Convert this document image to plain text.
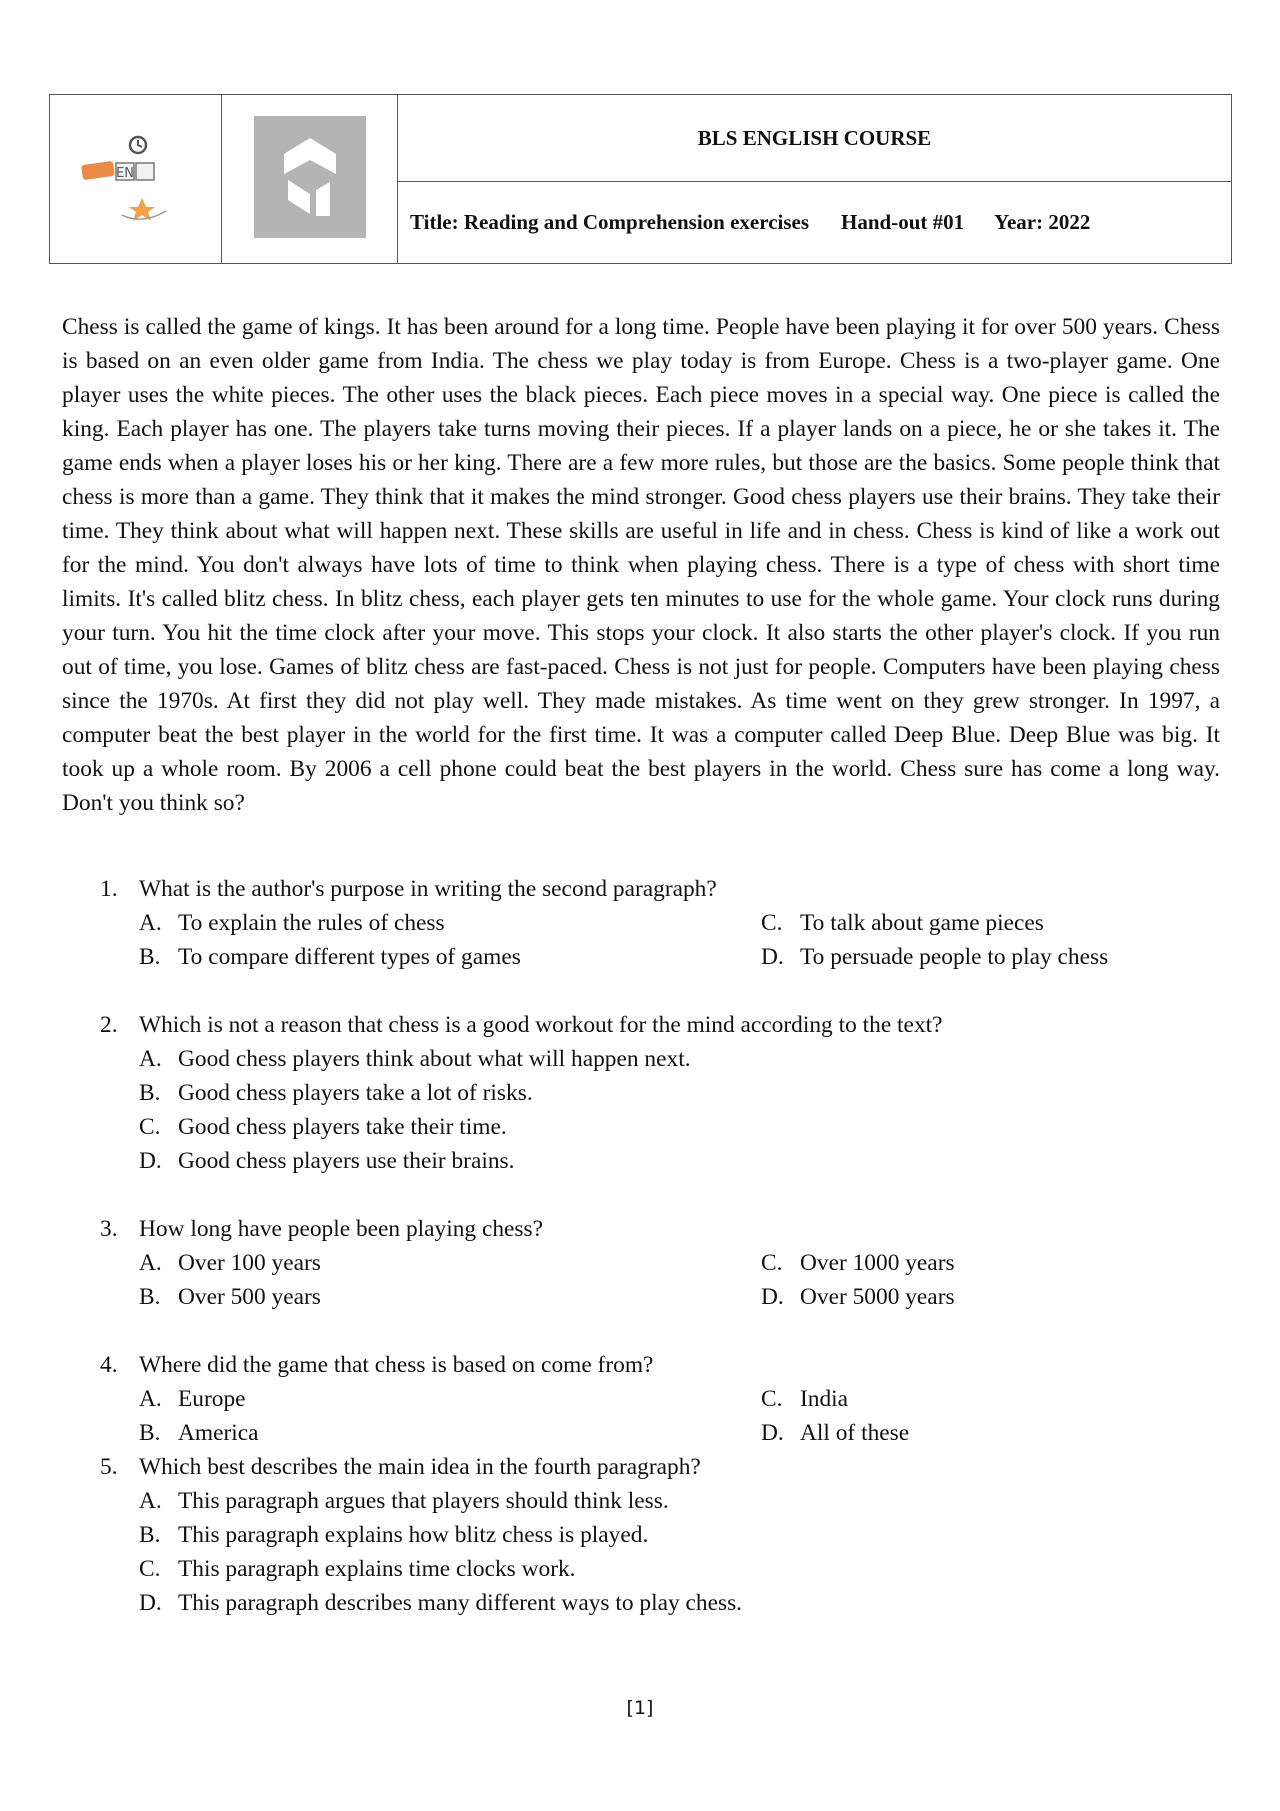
EN
		BLS ENGLISH COURSE
Title: Reading and Comprehension exercises Hand-out #01 Year: 2022

Chess is called the game of kings. It has been around for a long time. People have been playing it for over 500 years. Chess is based on an even older game from India. The chess we play today is from Europe. Chess is a two-player game. One player uses the white pieces. The other uses the black pieces. Each piece moves in a special way. One piece is called the king. Each player has one. The players take turns moving their pieces. If a player lands on a piece, he or she takes it. The game ends when a player loses his or her king. There are a few more rules, but those are the basics. Some people think that chess is more than a game. They think that it makes the mind stronger. Good chess players use their brains. They take their time. They think about what will happen next. These skills are useful in life and in chess. Chess is kind of like a work out for the mind. You don't always have lots of time to think when playing chess. There is a type of chess with short time limits. It's called blitz chess. In blitz chess, each player gets ten minutes to use for the whole game. Your clock runs during your turn. You hit the time clock after your move. This stops your clock. It also starts the other player's clock. If you run out of time, you lose. Games of blitz chess are fast-paced. Chess is not just for people. Computers have been playing chess since the 1970s. At first they did not play well. They made mistakes. As time went on they grew stronger. In 1997, a computer beat the best player in the world for the first time. It was a computer called Deep Blue. Deep Blue was big. It took up a whole room. By 2006 a cell phone could beat the best players in the world. Chess sure has come a long way. Don't you think so?

1. What is the author's purpose in writing the second paragraph?
A. To explain the rules of chess	C. To talk about game pieces
B. To compare different types of games	D. To persuade people to play chess
2. Which is not a reason that chess is a good workout for the mind according to the text?
A. Good chess players think about what will happen next.
B. Good chess players take a lot of risks.
C. Good chess players take their time.
D. Good chess players use their brains.
3. How long have people been playing chess?
A. Over 100 years	C. Over 1000 years
B. Over 500 years	D. Over 5000 years
4. Where did the game that chess is based on come from?
A. Europe	C. India
B. America	D. All of these
5. Which best describes the main idea in the fourth paragraph?
A. This paragraph argues that players should think less.
B. This paragraph explains how blitz chess is played.
C. This paragraph explains time clocks work.
D. This paragraph describes many different ways to play chess.
[1]
